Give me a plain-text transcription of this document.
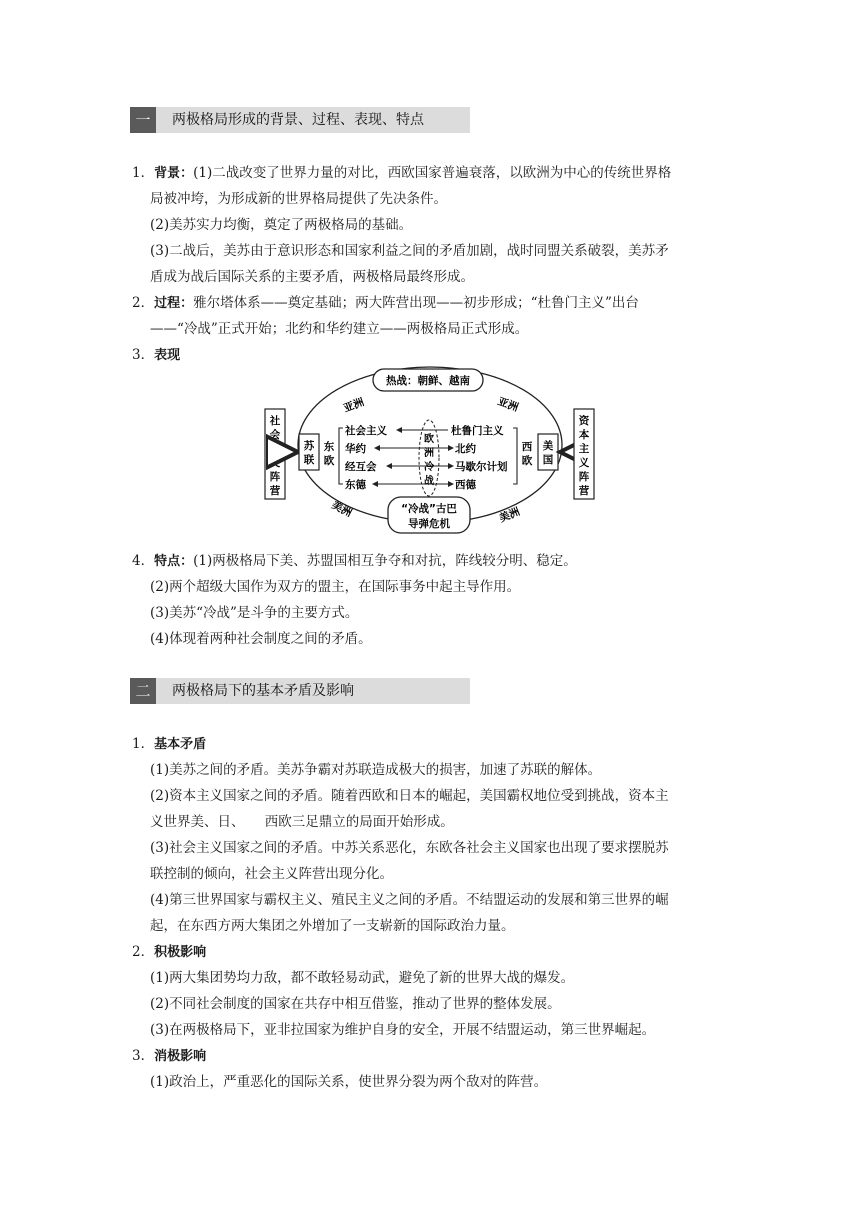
一	两极格局形成的背景、过程、表现、特点
1．背景：(1)二战改变了世界力量的对比，西欧国家普遍衰落，以欧洲为中心的传统世界格
局被冲垮，为形成新的世界格局提供了先决条件。
(2)美苏实力均衡，奠定了两极格局的基础。
(3)二战后，美苏由于意识形态和国家利益之间的矛盾加剧，战时同盟关系破裂，美苏矛
盾成为战后国际关系的主要矛盾，两极格局最终形成。
2．过程：雅尔塔体系——奠定基础；两大阵营出现——初步形成；“杜鲁门主义”出台
——“冷战”正式开始；北约和华约建立——两极格局正式形成。
3．表现
热战：朝鲜、越南
“冷战”古巴
导弹危机
亚洲	亚洲
美洲	美洲
社
会
主
义
阵
营
苏
联
东
欧
社会主义
华约
经互会
东德
欧
洲
冷
战
杜鲁门主义
北约
马歇尔计划
西德
西
欧
美
国
资
本
主
义
阵
营
4．特点：(1)两极格局下美、苏盟国相互争夺和对抗，阵线较分明、稳定。
(2)两个超级大国作为双方的盟主，在国际事务中起主导作用。
(3)美苏“冷战”是斗争的主要方式。
(4)体现着两种社会制度之间的矛盾。
二	两极格局下的基本矛盾及影响
1．基本矛盾
(1)美苏之间的矛盾。美苏争霸对苏联造成极大的损害，加速了苏联的解体。
(2)资本主义国家之间的矛盾。随着西欧和日本的崛起，美国霸权地位受到挑战，资本主
义世界美、日、　　西欧三足鼎立的局面开始形成。
(3)社会主义国家之间的矛盾。中苏关系恶化，东欧各社会主义国家也出现了要求摆脱苏
联控制的倾向，社会主义阵营出现分化。
(4)第三世界国家与霸权主义、殖民主义之间的矛盾。不结盟运动的发展和第三世界的崛
起，在东西方两大集团之外增加了一支崭新的国际政治力量。
2．积极影响
(1)两大集团势均力敌，都不敢轻易动武，避免了新的世界大战的爆发。
(2)不同社会制度的国家在共存中相互借鉴，推动了世界的整体发展。
(3)在两极格局下，亚非拉国家为维护自身的安全，开展不结盟运动，第三世界崛起。
3．消极影响
(1)政治上，严重恶化的国际关系，使世界分裂为两个敌对的阵营。
